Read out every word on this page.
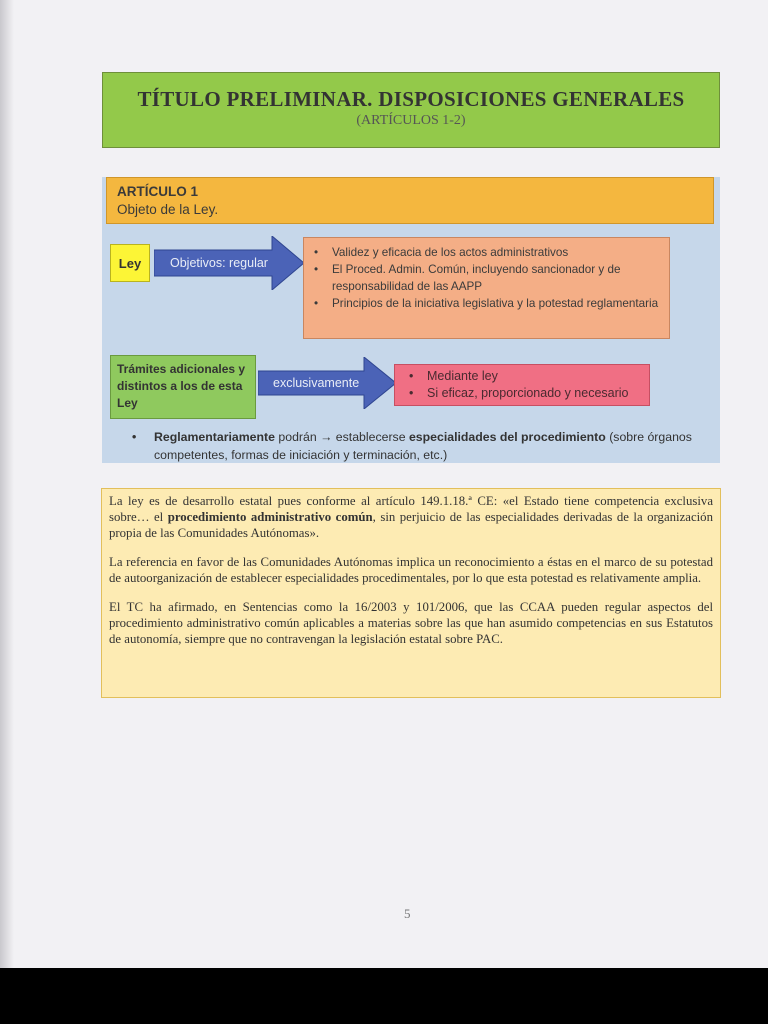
TÍTULO PRELIMINAR. DISPOSICIONES GENERALES
(ARTÍCULOS 1-2)
ARTÍCULO 1
Objeto de la Ley.
Ley	Objetivos: regular
• Validez y eficacia de los actos administrativos
• El Proced. Admin. Común, incluyendo sancionador y de responsabilidad de las AAPP
• Principios de la iniciativa legislativa y la potestad reglamentaria
Trámites adicionales y distintos a los de esta Ley
exclusivamente
•	Mediante ley
• Si eficaz, proporcionado y necesario
• Reglamentariamente podrán → establecerse especialidades del procedimiento (sobre órganos competentes, formas de iniciación y terminación, etc.)

La ley es de desarrollo estatal pues conforme al artículo 149.1.18.ª CE: «el Estado tiene competencia exclusiva sobre… el procedimiento administrativo común, sin perjuicio de las especialidades derivadas de la organización propia de las Comunidades Autónomas».

La referencia en favor de las Comunidades Autónomas implica un reconocimiento a éstas en el marco de su potestad de autoorganización de establecer especialidades procedimentales, por lo que esta potestad es relativamente amplia.

El TC ha afirmado, en Sentencias como la 16/2003 y 101/2006, que las CCAA pueden regular aspectos del procedimiento administrativo común aplicables a materias sobre las que han asumido competencias en sus Estatutos de autonomía, siempre que no contravengan la legislación estatal sobre PAC.

5
